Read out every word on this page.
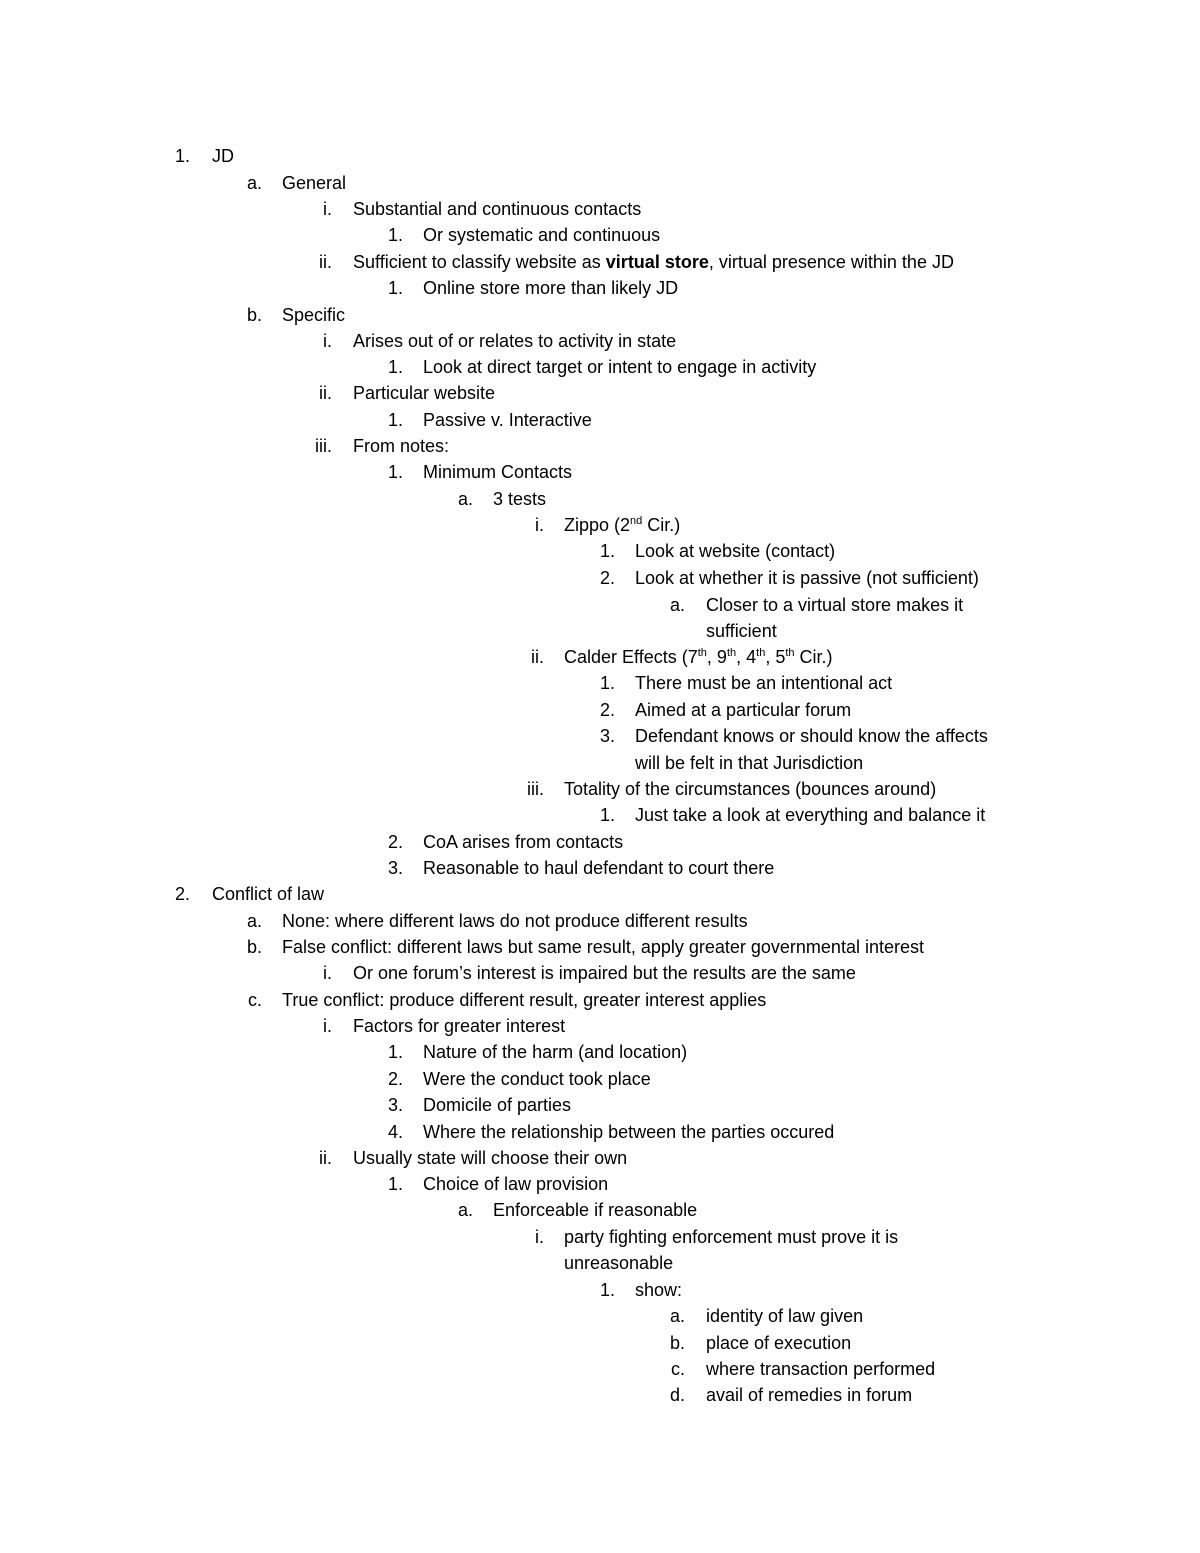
1. JD
a. General
i. Substantial and continuous contacts
1. Or systematic and continuous
ii. Sufficient to classify website as virtual store, virtual presence within the JD
1. Online store more than likely JD
b. Specific
i. Arises out of or relates to activity in state
1. Look at direct target or intent to engage in activity
ii. Particular website
1. Passive v. Interactive
iii. From notes:
1. Minimum Contacts
a. 3 tests
i. Zippo (2nd Cir.)
1. Look at website (contact)
2. Look at whether it is passive (not sufficient)
a. Closer to a virtual store makes it
sufficient
ii. Calder Effects (7th, 9th, 4th, 5th Cir.)
1. There must be an intentional act
2. Aimed at a particular forum
3. Defendant knows or should know the affects
will be felt in that Jurisdiction
iii. Totality of the circumstances (bounces around)
1. Just take a look at everything and balance it
2. CoA arises from contacts
3. Reasonable to haul defendant to court there
2. Conflict of law
a. None: where different laws do not produce different results
b. False conflict: different laws but same result, apply greater governmental interest
i. Or one forum’s interest is impaired but the results are the same
c. True conflict: produce different result, greater interest applies
i. Factors for greater interest
1. Nature of the harm (and location)
2. Were the conduct took place
3. Domicile of parties
4. Where the relationship between the parties occured
ii. Usually state will choose their own
1. Choice of law provision
a. Enforceable if reasonable
i. party fighting enforcement must prove it is
unreasonable
1. show:
a. identity of law given
b. place of execution
c. where transaction performed
d. avail of remedies in forum
